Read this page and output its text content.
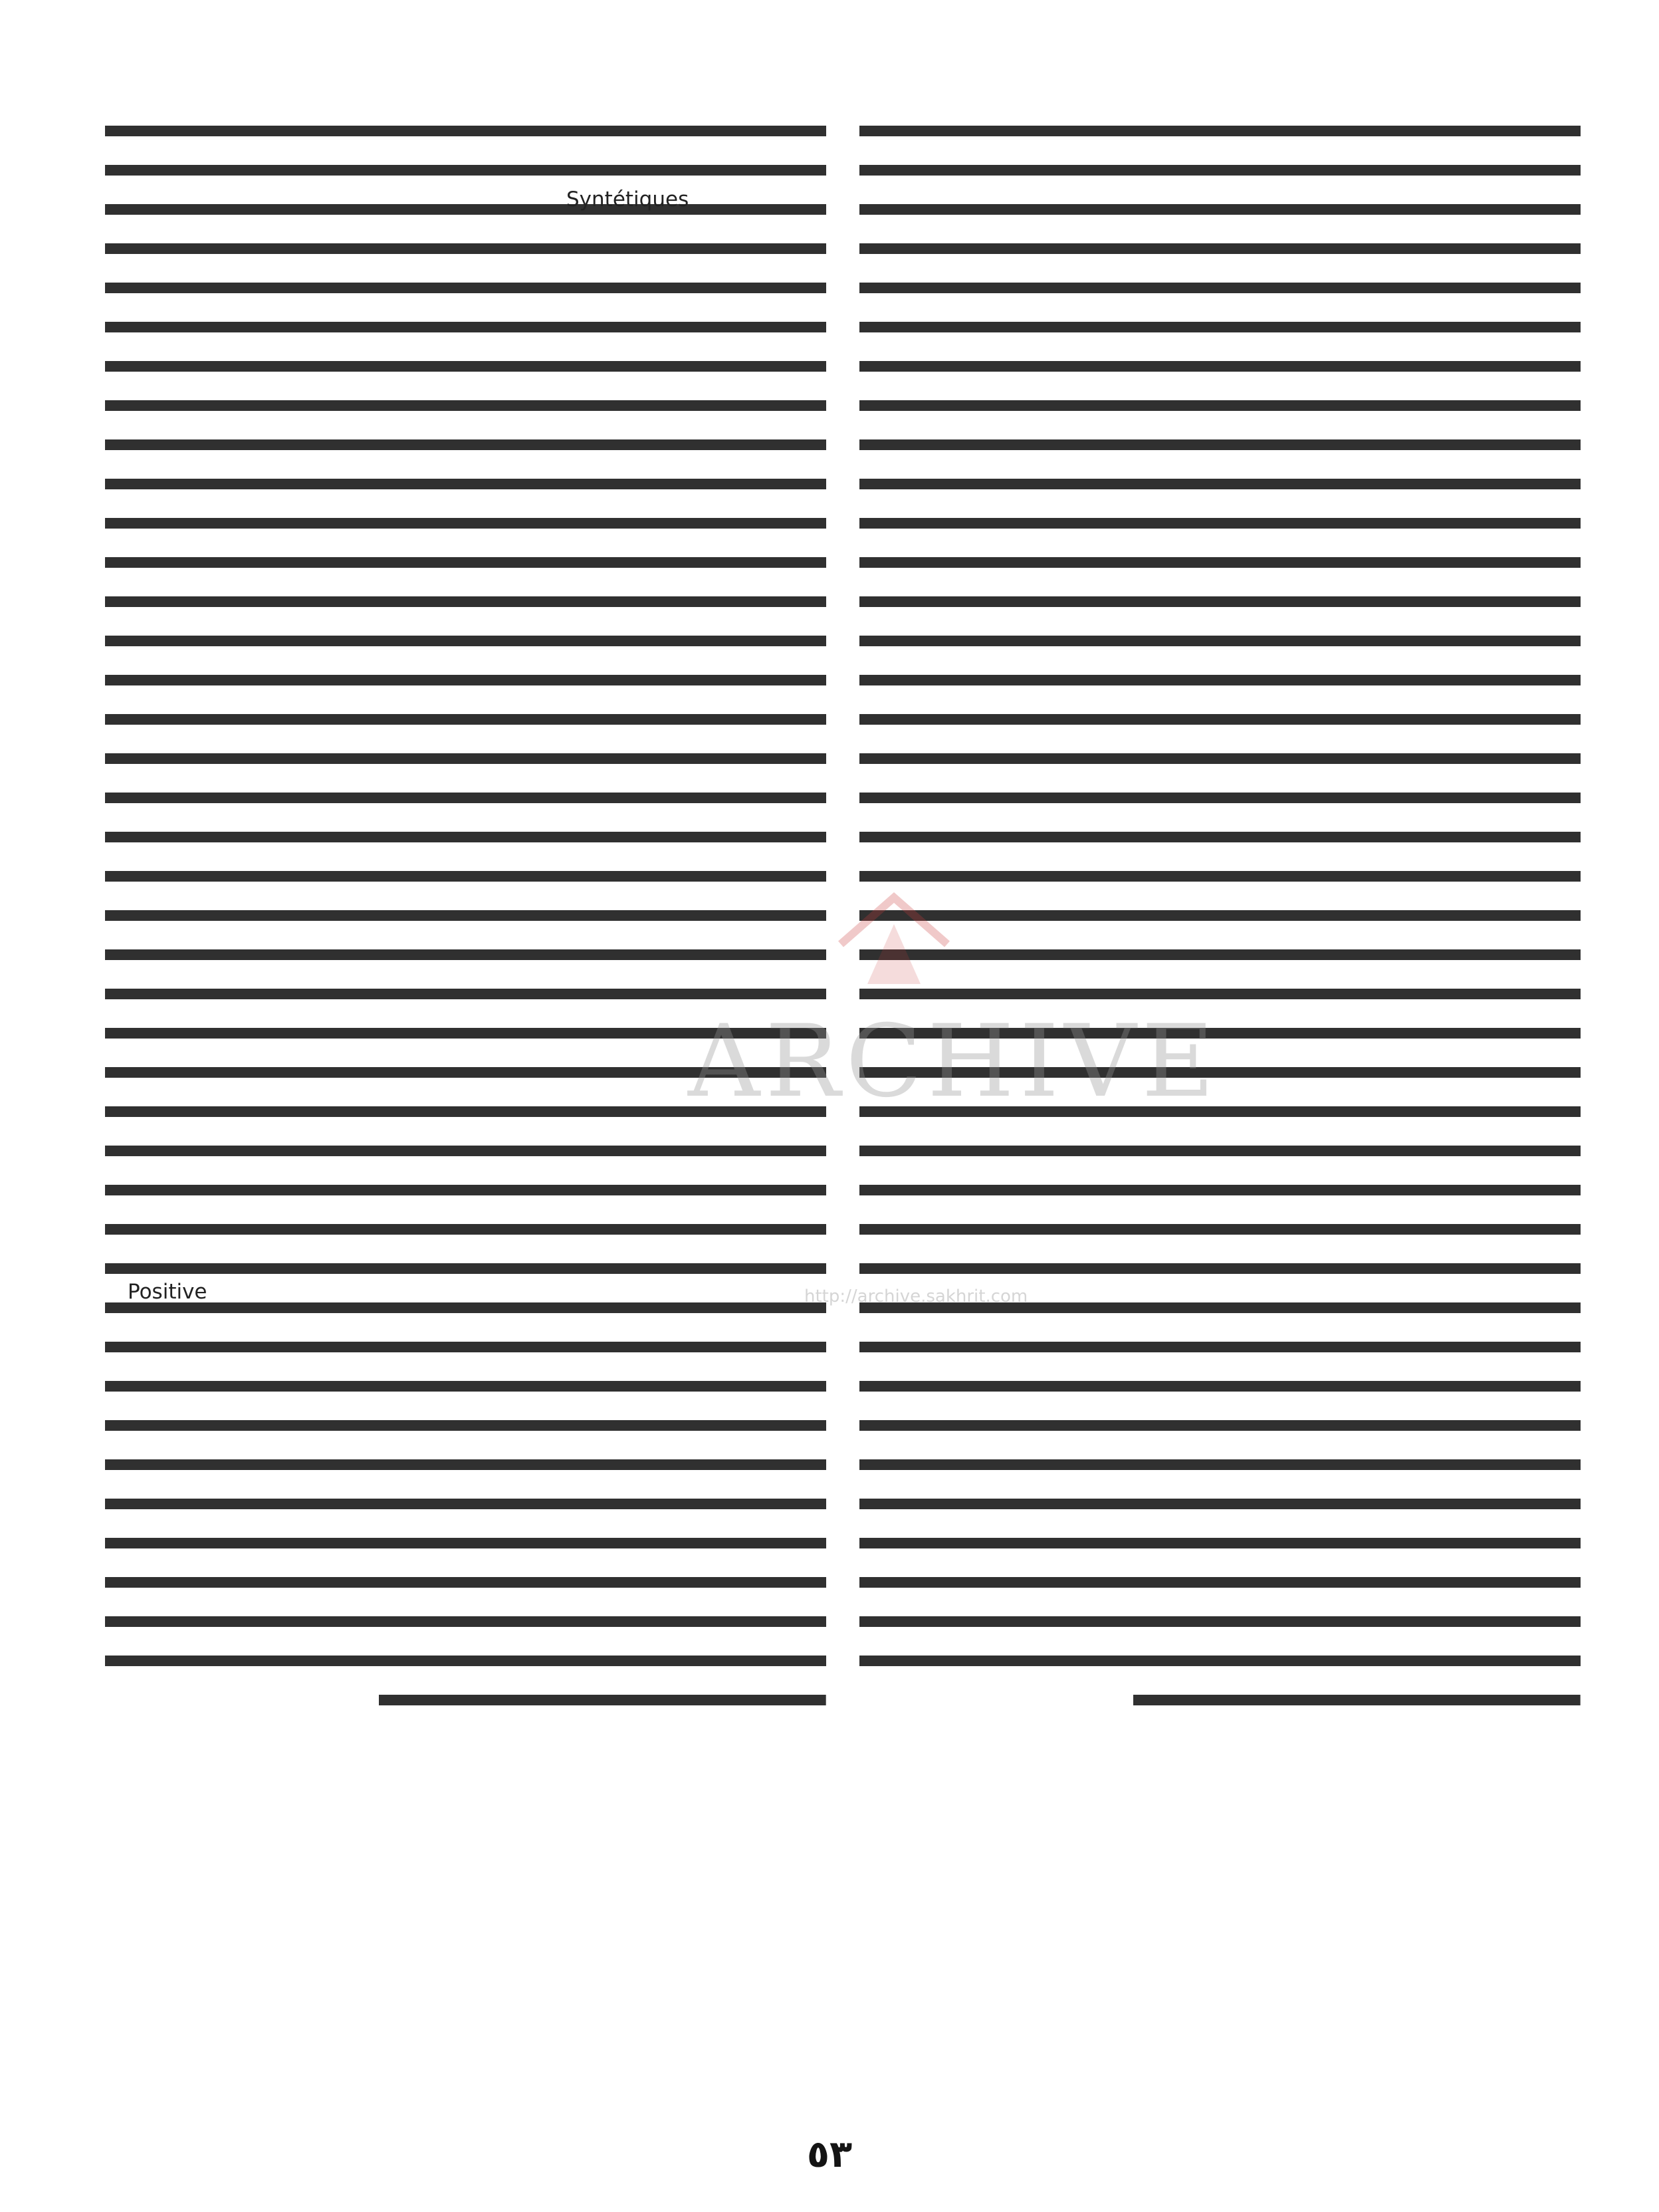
Syntétiques
Positive
ARCHIVE
http://archive.sakhrit.com
٥٣
